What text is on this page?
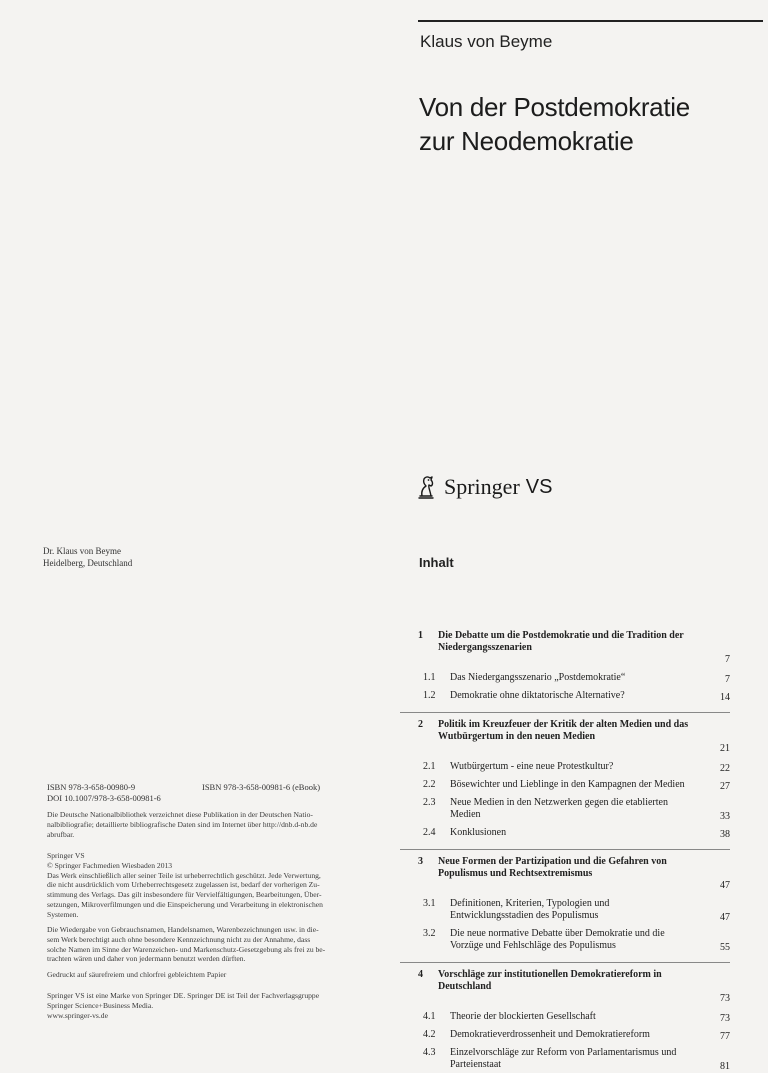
Klaus von Beyme
Von der Postdemokratie
zur Neodemokratie
Springer VS
Dr. Klaus von Beyme
Heidelberg, Deutschland
ISBN 978-3-658-00980-9	ISBN 978-3-658-00981-6 (eBook)
DOI 10.1007/978-3-658-00981-6
Die Deutsche Nationalbibliothek verzeichnet diese Publikation in der Deutschen Natio-
nalbibliografie; detaillierte bibliografische Daten sind im Internet über http://dnb.d-nb.de
abrufbar.
Springer VS
© Springer Fachmedien Wiesbaden 2013
Das Werk einschließlich aller seiner Teile ist urheberrechtlich geschützt. Jede Verwertung,
die nicht ausdrücklich vom Urheberrechtsgesetz zugelassen ist, bedarf der vorherigen Zu-
stimmung des Verlags. Das gilt insbesondere für Vervielfältigungen, Bearbeitungen, Über-
setzungen, Mikroverfilmungen und die Einspeicherung und Verarbeitung in elektronischen
Systemen.
Die Wiedergabe von Gebrauchsnamen, Handelsnamen, Warenbezeichnungen usw. in die-
sem Werk berechtigt auch ohne besondere Kennzeichnung nicht zu der Annahme, dass
solche Namen im Sinne der Warenzeichen- und Markenschutz-Gesetzgebung als frei zu be-
trachten wären und daher von jedermann benutzt werden dürften.
Gedruckt auf säurefreiem und chlorfrei gebleichtem Papier
Springer VS ist eine Marke von Springer DE. Springer DE ist Teil der Fachverlagsgruppe
Springer Science+Business Media.
www.springer-vs.de
Inhalt
1 Die Debatte um die Postdemokratie und die Tradition der Niedergangsszenarien
7
1.1 Das Niedergangsszenario „Postdemokratie“	7
1.2 Demokratie ohne diktatorische Alternative?	14
2 Politik im Kreuzfeuer der Kritik der alten Medien und das Wutbürgertum in den neuen Medien
21
2.1 Wutbürgertum - eine neue Protestkultur?	22
2.2 Bösewichter und Lieblinge in den Kampagnen der Medien	27
2.3 Neue Medien in den Netzwerken gegen die etablierten Medien	33
2.4 Konklusionen	38
3 Neue Formen der Partizipation und die Gefahren von Populismus und Rechtsextremismus
47
3.1 Definitionen, Kriterien, Typologien und Entwicklungsstadien des Populismus	47
3.2 Die neue normative Debatte über Demokratie und die Vorzüge und Fehlschläge des Populismus	55
4 Vorschläge zur institutionellen Demokratiereform in Deutschland
73
4.1 Theorie der blockierten Gesellschaft	73
4.2 Demokratieverdrossenheit und Demokratiereform	77
4.3 Einzelvorschläge zur Reform von Parlamentarismus und Parteienstaat	81
